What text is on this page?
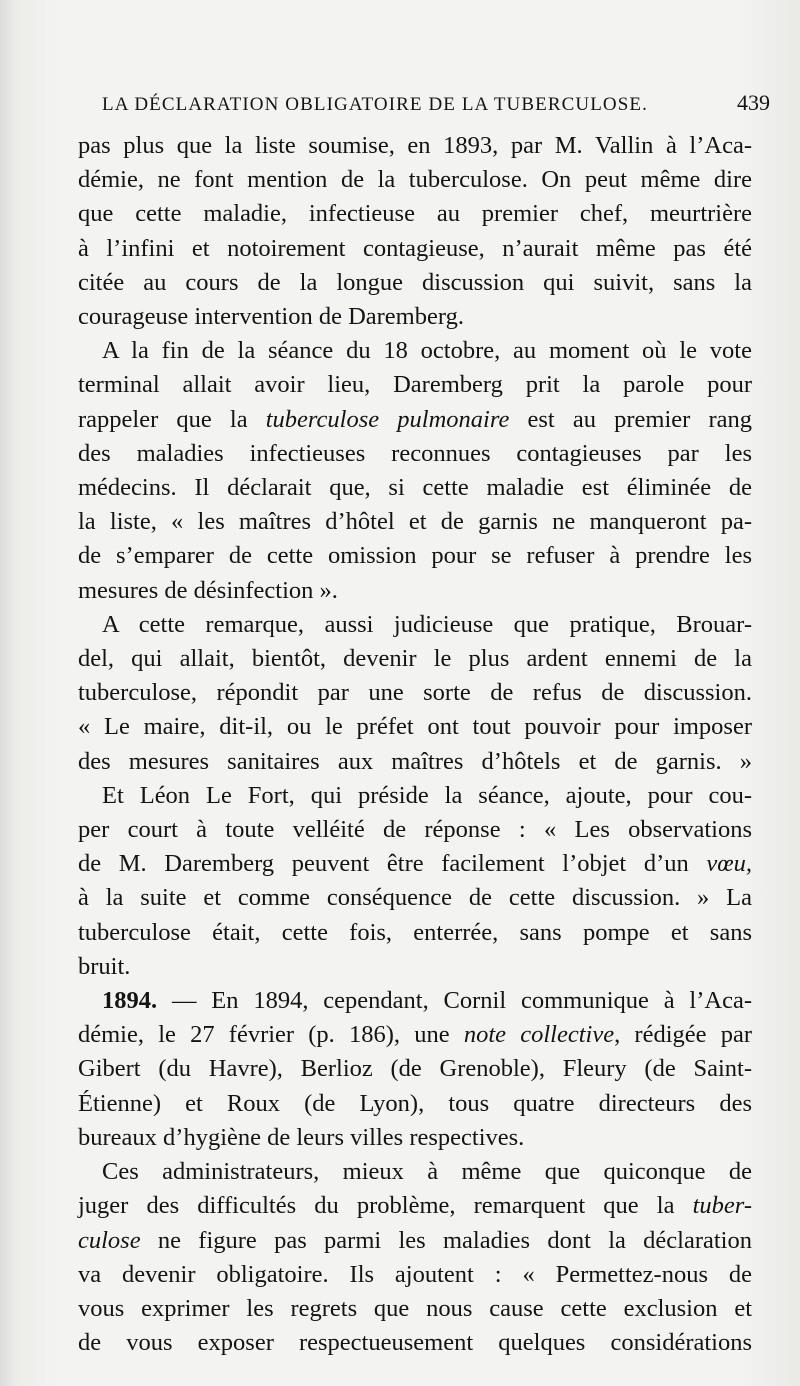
LA DÉCLARATION OBLIGATOIRE DE LA TUBERCULOSE.	439
pas plus que la liste soumise, en 1893, par M. Vallin à l’Aca-
démie, ne font mention de la tuberculose. On peut même dire
que cette maladie, infectieuse au premier chef, meurtrière
à l’infini et notoirement contagieuse, n’aurait même pas été
citée au cours de la longue discussion qui suivit, sans la
courageuse intervention de Daremberg.
A la fin de la séance du 18 octobre, au moment où le vote
terminal allait avoir lieu, Daremberg prit la parole pour
rappeler que la tuberculose pulmonaire est au premier rang
des maladies infectieuses reconnues contagieuses par les
médecins. Il déclarait que, si cette maladie est éliminée de
la liste, « les maîtres d’hôtel et de garnis ne manqueront pa-
de s’emparer de cette omission pour se refuser à prendre les
mesures de désinfection ».
A cette remarque, aussi judicieuse que pratique, Brouar-
del, qui allait, bientôt, devenir le plus ardent ennemi de la
tuberculose, répondit par une sorte de refus de discussion.
« Le maire, dit-il, ou le préfet ont tout pouvoir pour imposer
des mesures sanitaires aux maîtres d’hôtels et de garnis. »
Et Léon Le Fort, qui préside la séance, ajoute, pour cou-
per court à toute velléité de réponse : « Les observations
de M. Daremberg peuvent être facilement l’objet d’un vœu,
à la suite et comme conséquence de cette discussion. » La
tuberculose était, cette fois, enterrée, sans pompe et sans
bruit.
1894. — En 1894, cependant, Cornil communique à l’Aca-
démie, le 27 février (p. 186), une note collective, rédigée par
Gibert (du Havre), Berlioz (de Grenoble), Fleury (de Saint-
Étienne) et Roux (de Lyon), tous quatre directeurs des
bureaux d’hygiène de leurs villes respectives.
Ces administrateurs, mieux à même que quiconque de
juger des difficultés du problème, remarquent que la tuber-
culose ne figure pas parmi les maladies dont la déclaration
va devenir obligatoire. Ils ajoutent : « Permettez-nous de
vous exprimer les regrets que nous cause cette exclusion et
de vous exposer respectueusement quelques considérations
